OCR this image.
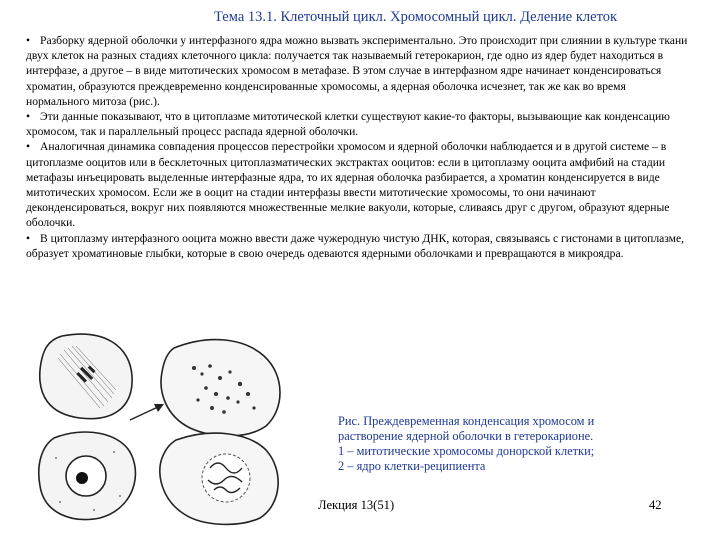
Тема 13.1. Клеточный цикл. Хромосомный цикл. Деление клеток

• Разборку ядерной оболочки у интерфазного ядра можно вызвать экспериментально. Это происходит при слиянии в культуре ткани двух клеток на разных стадиях клеточного цикла: получается так называемый гетерокарион, где одно из ядер будет находиться в интерфазе, а другое – в виде митотических хромосом в метафазе. В этом случае в интерфазном ядре начинает конденсироваться хроматин, образуются преждевременно конденсированные хромосомы, а ядерная оболочка исчезнет, так же как во время нормального митоза (рис.).

• Эти данные показывают, что в цитоплазме митотической клетки существуют какие-то факторы, вызывающие как конденсацию хромосом, так и параллельный процесс распада ядерной оболочки.

• Аналогичная динамика совпадения процессов перестройки хромосом и ядерной оболочки наблюдается и в другой системе – в цитоплазме ооцитов или в бесклеточных цитоплазматических экстрактах ооцитов: если в цитоплазму ооцита амфибий на стадии метафазы инъецировать выделенные интерфазные ядра, то их ядерная оболочка разбирается, а хроматин конденсируется в виде митотических хромосом. Если же в ооцит на стадии интерфазы ввести митотические хромосомы, то они начинают деконденсироваться, вокруг них появляются множественные мелкие вакуоли, которые, сливаясь друг с другом, образуют ядерные оболочки.

• В цитоплазму интерфазного ооцита можно ввести даже чужеродную чистую ДНК, которая, связываясь с гистонами в цитоплазме, образует хроматиновые глыбки, которые в свою очередь одеваются ядерными оболочками и превращаются в микроядра.

Рис. Преждевременная конденсация хромосом и
растворение ядерной оболочки в гетерокарионе.
1 – митотические хромосомы донорской клетки;
2 – ядро клетки-реципиента
Лекция 13(51)	42
